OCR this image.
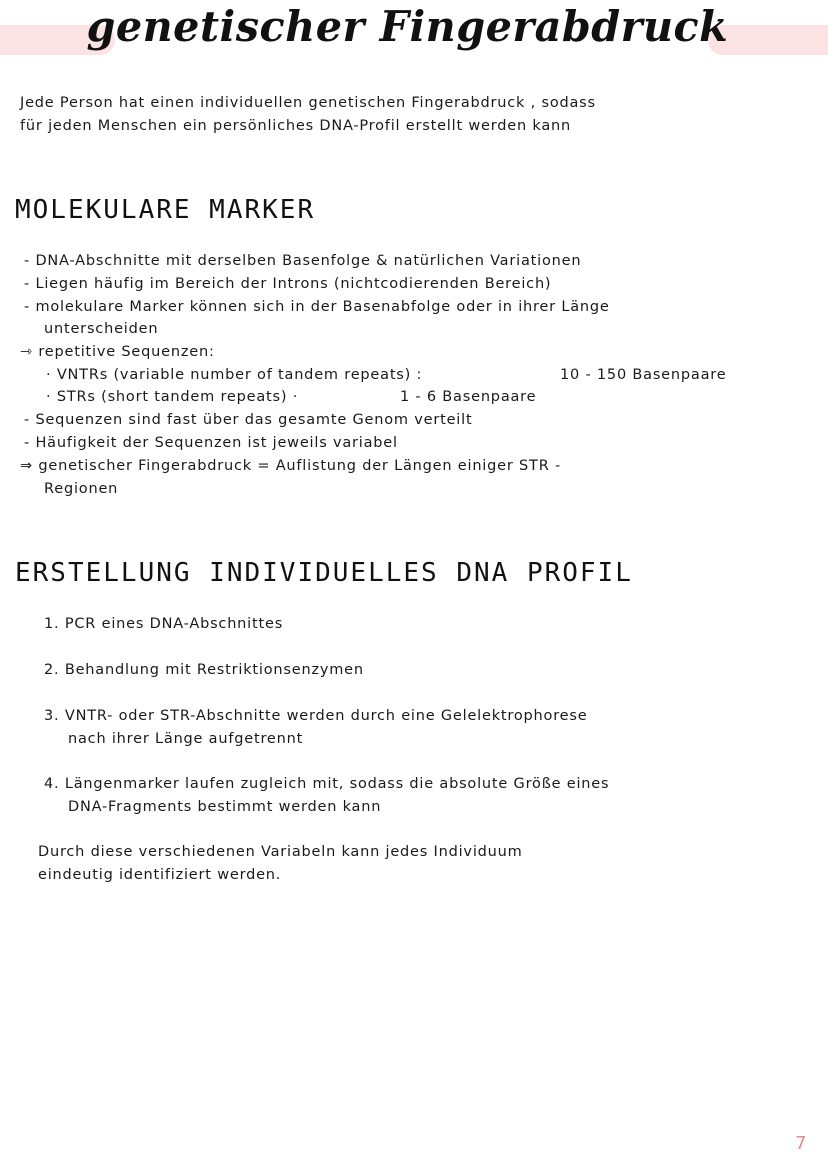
genetischer Fingerabdruck
Jede Person hat einen individuellen genetischen Fingerabdruck , sodass
für jeden Menschen ein persönliches DNA-Profil erstellt werden kann
MOLEKULARE MARKER
- DNA-Abschnitte mit derselben Basenfolge & natürlichen Variationen
- Liegen häufig im Bereich der Introns (nichtcodierenden Bereich)
- molekulare Marker können sich in der Basenabfolge oder in ihrer Länge
unterscheiden
⇾ repetitive Sequenzen:
· VNTRs (variable number of tandem repeats) :	10 - 150 Basenpaare
· STRs (short tandem repeats) ·	1 - 6 Basenpaare
- Sequenzen sind fast über das gesamte Genom verteilt
- Häufigkeit der Sequenzen ist jeweils variabel
⇒ genetischer Fingerabdruck = Auflistung der Längen einiger STR -
Regionen
ERSTELLUNG INDIVIDUELLES DNA PROFIL
1. PCR eines DNA-Abschnittes
2. Behandlung mit Restriktionsenzymen
3. VNTR- oder STR-Abschnitte werden durch eine Gelelektrophorese
nach ihrer Länge aufgetrennt
4. Längenmarker laufen zugleich mit, sodass die absolute Größe eines
DNA-Fragments bestimmt werden kann
Durch diese verschiedenen Variabeln kann jedes Individuum
eindeutig identifiziert werden.
7
